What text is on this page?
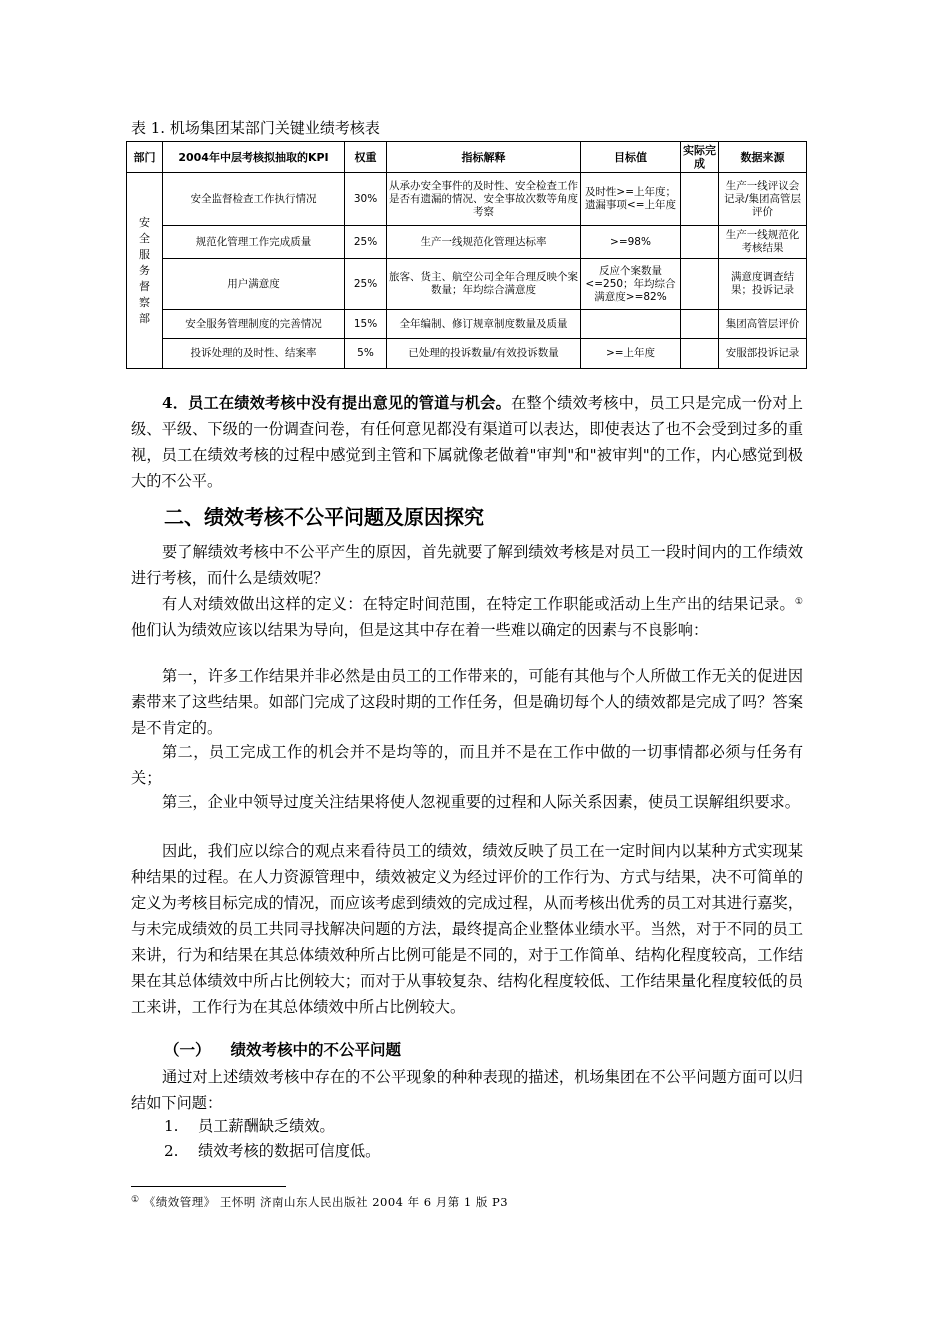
表 1. 机场集团某部门关键业绩考核表
部门	2004年中层考核拟抽取的KPI	权重	指标解释	目标值	实际完成	数据来源
安全服务督察部	安全监督检查工作执行情况	30%	从承办安全事件的及时性、安全检查工作是否有遗漏的情况、安全事故次数等角度考察	及时性>=上年度；遗漏事项<=上年度		生产一线评议会记录/集团高管层评价
	规范化管理工作完成质量	25%	生产一线规范化管理达标率	>=98%		生产一线规范化考核结果
	用户满意度	25%	旅客、货主、航空公司全年合理反映个案数量；年均综合满意度	反应个案数量<=250；年均综合满意度>=82%		满意度调查结果；投诉记录
	安全服务管理制度的完善情况	15%	全年编制、修订规章制度数量及质量			集团高管层评价
	投诉处理的及时性、结案率	5%	已处理的投诉数量/有效投诉数量	>=上年度		安服部投诉记录
4．员工在绩效考核中没有提出意见的管道与机会。在整个绩效考核中，员工只是完成一份对上级、平级、下级的一份调查问卷，有任何意见都没有渠道可以表达，即使表达了也不会受到过多的重视，员工在绩效考核的过程中感觉到主管和下属就像老做着"审判"和"被审判"的工作，内心感觉到极大的不公平。
二、绩效考核不公平问题及原因探究
要了解绩效考核中不公平产生的原因，首先就要了解到绩效考核是对员工一段时间内的工作绩效进行考核，而什么是绩效呢？
有人对绩效做出这样的定义：在特定时间范围，在特定工作职能或活动上生产出的结果记录。①他们认为绩效应该以结果为导向，但是这其中存在着一些难以确定的因素与不良影响：
第一，许多工作结果并非必然是由员工的工作带来的，可能有其他与个人所做工作无关的促进因素带来了这些结果。如部门完成了这段时期的工作任务，但是确切每个人的绩效都是完成了吗？答案是不肯定的。
第二，员工完成工作的机会并不是均等的，而且并不是在工作中做的一切事情都必须与任务有关；
第三，企业中领导过度关注结果将使人忽视重要的过程和人际关系因素，使员工误解组织要求。
因此，我们应以综合的观点来看待员工的绩效，绩效反映了员工在一定时间内以某种方式实现某种结果的过程。在人力资源管理中，绩效被定义为经过评价的工作行为、方式与结果，决不可简单的定义为考核目标完成的情况，而应该考虑到绩效的完成过程，从而考核出优秀的员工对其进行嘉奖，与未完成绩效的员工共同寻找解决问题的方法，最终提高企业整体业绩水平。当然，对于不同的员工来讲，行为和结果在其总体绩效种所占比例可能是不同的，对于工作简单、结构化程度较高，工作结果在其总体绩效中所占比例较大；而对于从事较复杂、结构化程度较低、工作结果量化程度较低的员工来讲，工作行为在其总体绩效中所占比例较大。
（一） 绩效考核中的不公平问题
通过对上述绩效考核中存在的不公平现象的种种表现的描述，机场集团在不公平问题方面可以归结如下问题：
1. 员工薪酬缺乏绩效。
2. 绩效考核的数据可信度低。
① 《绩效管理》 王怀明 济南山东人民出版社 2004 年 6 月第 1 版 P3
